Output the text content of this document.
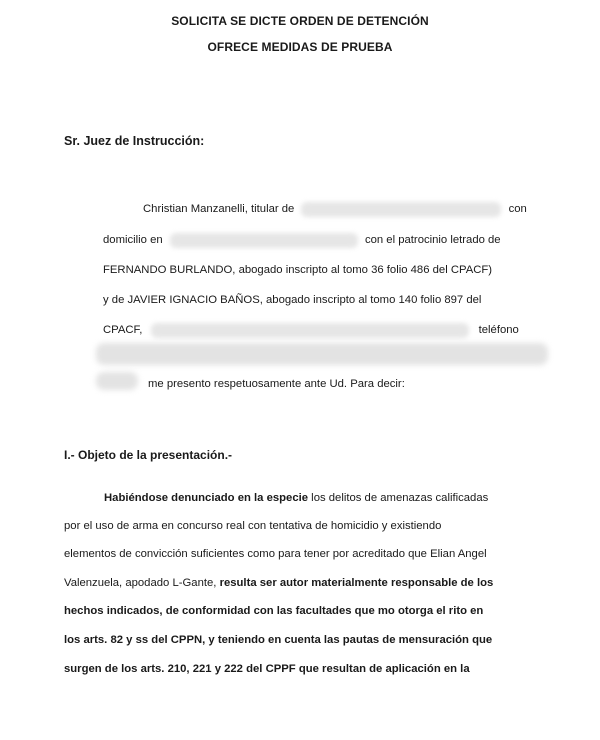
SOLICITA SE DICTE ORDEN DE DETENCIÓN
OFRECE MEDIDAS DE PRUEBA
Sr. Juez de Instrucción:
Christian Manzanelli, titular de	con
domicilio en	con el patrocinio letrado de
FERNANDO BURLANDO, abogado inscripto al tomo 36 folio 486 del CPACF)
y de JAVIER IGNACIO BAÑOS, abogado inscripto al tomo 140 folio 897 del
CPACF,	teléfono
me presento respetuosamente ante Ud. Para decir:
I.- Objeto de la presentación.-
Habiéndose denunciado en la especie los delitos de amenazas calificadas
por el uso de arma en concurso real con tentativa de homicidio y existiendo
elementos de convicción suficientes como para tener por acreditado que Elian Angel
Valenzuela, apodado L-Gante, resulta ser autor materialmente responsable de los
hechos indicados, de conformidad con las facultades que mo otorga el rito en
los arts. 82 y ss del CPPN, y teniendo en cuenta las pautas de mensuración que
surgen de los arts. 210, 221 y 222 del CPPF que resultan de aplicación en la
